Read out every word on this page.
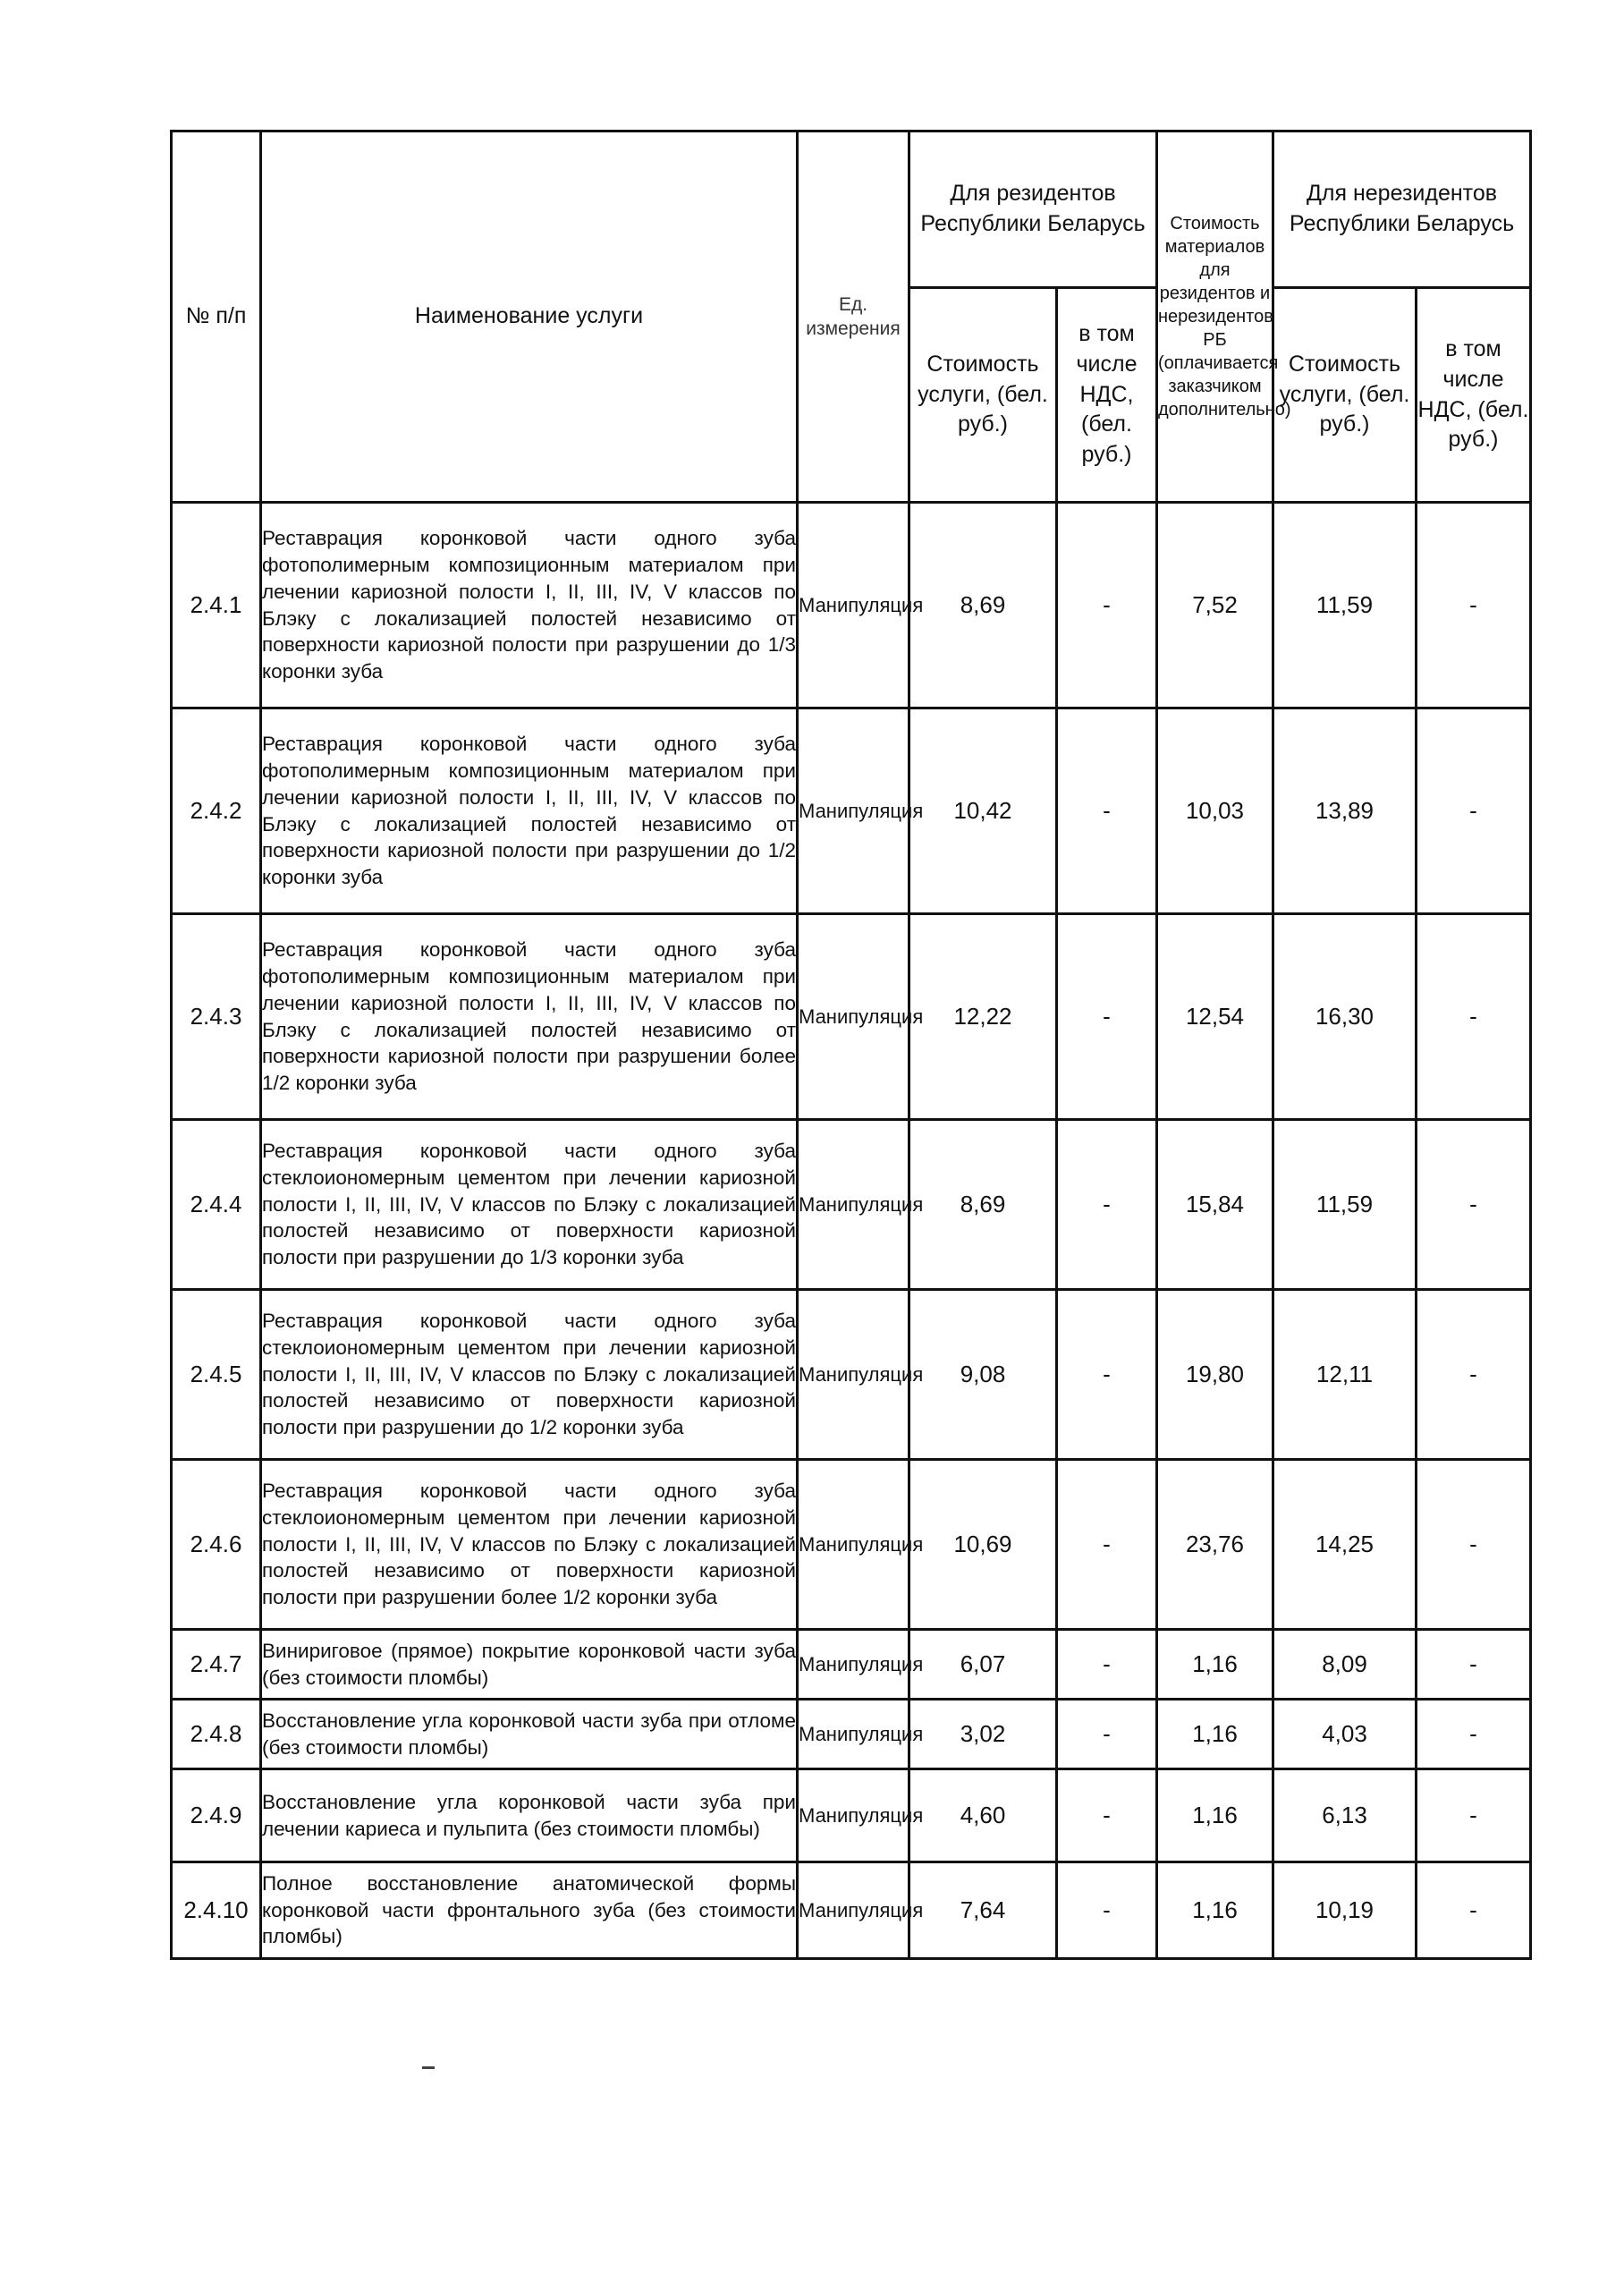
№ п/п	Наименование услуги	Ед. измерения	Для резидентов Республики Беларусь		Стоимость материалов для резидентов и нерезидентов РБ (оплачивается заказчиком дополнительно)	Для нерезидентов Республики Беларусь	
			Стоимость услуги, (бел. руб.)	в том числе НДС, (бел. руб.)		Стоимость услуги, (бел. руб.)	в том числе НДС, (бел. руб.)
2.4.1	Реставрация коронковой части одного зуба фотополимерным композиционным материалом при лечении кариозной полости I, II, III, IV, V классов по Блэку с локализацией полостей независимо от поверхности кариозной полости при разрушении до 1/3 коронки зуба	Манипуляция	8,69	-	7,52	11,59	-
2.4.2	Реставрация коронковой части одного зуба фотополимерным композиционным материалом при лечении кариозной полости I, II, III, IV, V классов по Блэку с локализацией полостей независимо от поверхности кариозной полости при разрушении до 1/2 коронки зуба	Манипуляция	10,42	-	10,03	13,89	-
2.4.3	Реставрация коронковой части одного зуба фотополимерным композиционным материалом при лечении кариозной полости I, II, III, IV, V классов по Блэку с локализацией полостей независимо от поверхности кариозной полости при разрушении более 1/2 коронки зуба	Манипуляция	12,22	-	12,54	16,30	-
2.4.4	Реставрация коронковой части одного зуба стеклоиономерным цементом при лечении кариозной полости I, II, III, IV, V классов по Блэку с локализацией полостей независимо от поверхности кариозной полости при разрушении до 1/3 коронки зуба	Манипуляция	8,69	-	15,84	11,59	-
2.4.5	Реставрация коронковой части одного зуба стеклоиономерным цементом при лечении кариозной полости I, II, III, IV, V классов по Блэку с локализацией полостей независимо от поверхности кариозной полости при разрушении до 1/2 коронки зуба	Манипуляция	9,08	-	19,80	12,11	-
2.4.6	Реставрация коронковой части одного зуба стеклоиономерным цементом при лечении кариозной полости I, II, III, IV, V классов по Блэку с локализацией полостей независимо от поверхности кариозной полости при разрушении более 1/2 коронки зуба	Манипуляция	10,69	-	23,76	14,25	-
2.4.7	Винириговое (прямое) покрытие коронковой части зуба (без стоимости пломбы)	Манипуляция	6,07	-	1,16	8,09	-
2.4.8	Восстановление угла коронковой части зуба при отломе (без стоимости пломбы)	Манипуляция	3,02	-	1,16	4,03	-
2.4.9	Восстановление угла коронковой части зуба при лечении кариеса и пульпита (без стоимости пломбы)	Манипуляция	4,60	-	1,16	6,13	-
2.4.10	Полное восстановление анатомической формы коронковой части фронтального зуба (без стоимости пломбы)	Манипуляция	7,64	-	1,16	10,19	-
